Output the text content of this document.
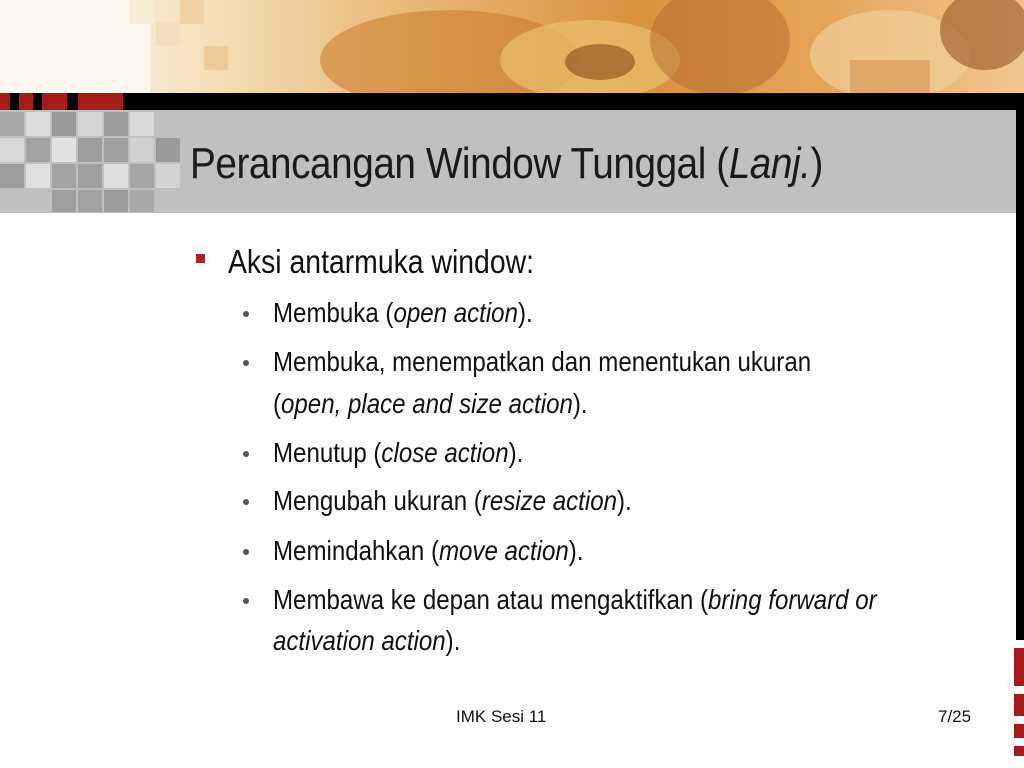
Perancangan Window Tunggal (Lanj.)
Aksi antarmuka window:
Membuka (open action).
Membuka, menempatkan dan menentukan ukuran
(open, place and size action).
Menutup (close action).
Mengubah ukuran (resize action).
Memindahkan (move action).
Membawa ke depan atau mengaktifkan (bring forward or
activation action).
IMK Sesi 11	7/25
